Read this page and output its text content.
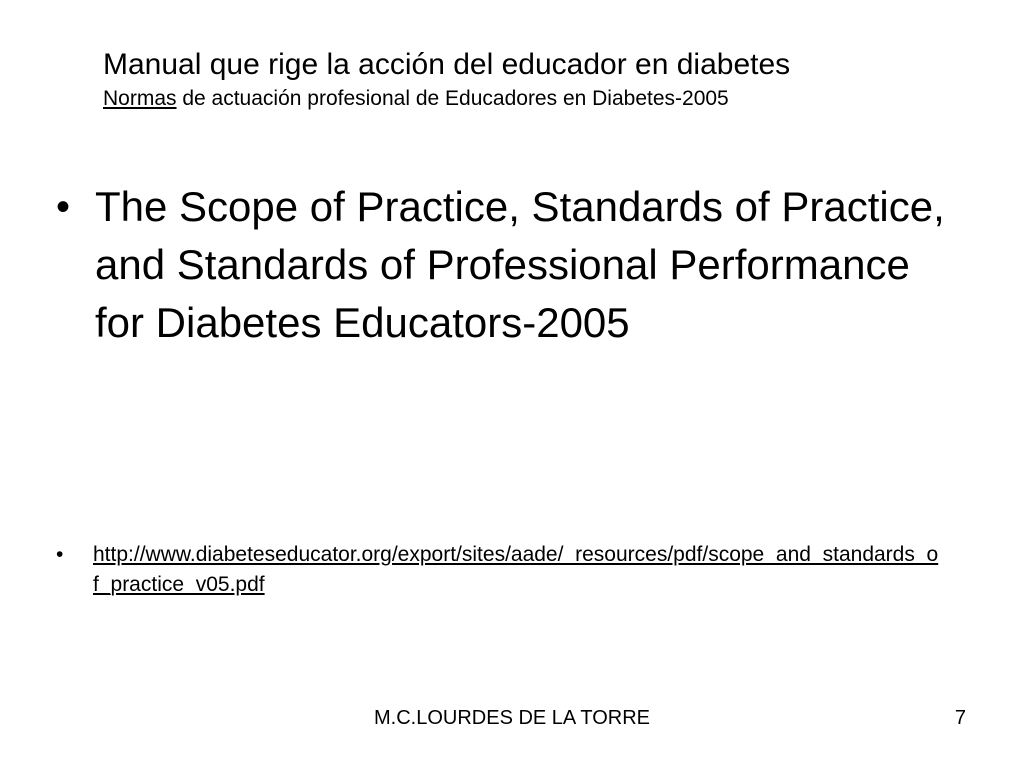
Manual que rige la acción del educador en diabetes
Normas de actuación profesional de Educadores en Diabetes-2005
• The Scope of Practice, Standards of Practice, and Standards of Professional Performance for Diabetes Educators-2005
•	http://www.diabeteseducator.org/export/sites/aade/_resources/pdf/scope_and_standards_of_practice_v05.pdf
M.C.LOURDES DE LA TORRE	7
